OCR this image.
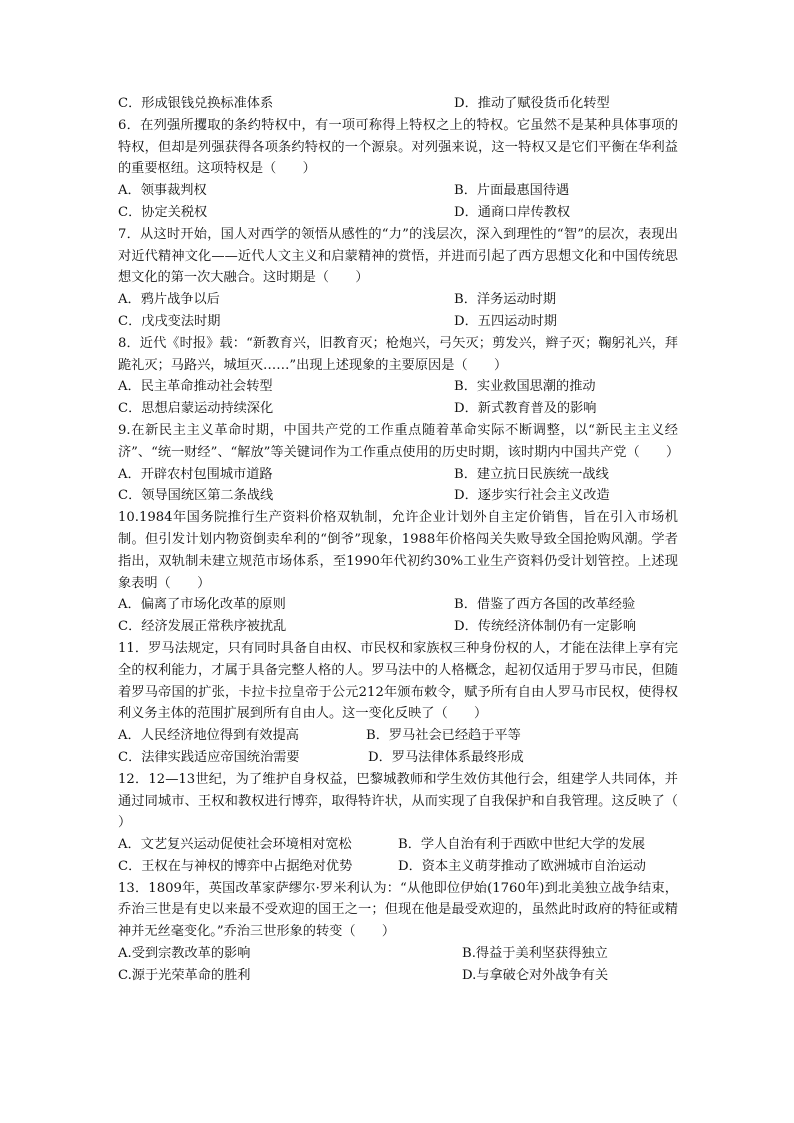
C．形成银钱兑换标准体系	D．推动了赋役货币化转型

6．在列强所攫取的条约特权中，有一项可称得上特权之上的特权。它虽然不是某种具体事项的特权，但却是列强获得各项条约特权的一个源泉。对列强来说，这一特权又是它们平衡在华利益的重要枢纽。这项特权是（　　）

A．领事裁判权	B．片面最惠国待遇
C．协定关税权	D．通商口岸传教权

7．从这时开始，国人对西学的领悟从感性的“力”的浅层次，深入到理性的“智”的层次，表现出对近代精神文化——近代人文主义和启蒙精神的赏悟，并进而引起了西方思想文化和中国传统思想文化的第一次大融合。这时期是（　　）

A．鸦片战争以后	B．洋务运动时期
C．戊戌变法时期	D．五四运动时期

8．近代《时报》载：“新教育兴，旧教育灭；枪炮兴，弓矢灭；剪发兴，辫子灭；鞠躬礼兴，拜跪礼灭；马路兴，城垣灭……”出现上述现象的主要原因是（　　）

A．民主革命推动社会转型	B．实业救国思潮的推动
C．思想启蒙运动持续深化	D．新式教育普及的影响

9.在新民主主义革命时期，中国共产党的工作重点随着革命实际不断调整，以“新民主主义经济”、“统一财经”、“解放”等关键词作为工作重点使用的历史时期，该时期内中国共产党（　　）

A．开辟农村包围城市道路	B．建立抗日民族统一战线
C．领导国统区第二条战线	D．逐步实行社会主义改造

10.1984年国务院推行生产资料价格双轨制，允许企业计划外自主定价销售，旨在引入市场机制。但引发计划内物资倒卖牟利的“倒爷”现象，1988年价格闯关失败导致全国抢购风潮。学者指出，双轨制未建立规范市场体系，至1990年代初约30%工业生产资料仍受计划管控。上述现象表明（　　）

A．偏离了市场化改革的原则	B．借鉴了西方各国的改革经验
C．经济发展正常秩序被扰乱	D．传统经济体制仍有一定影响

11．罗马法规定，只有同时具备自由权、市民权和家族权三种身份权的人，才能在法律上享有完全的权利能力，才属于具备完整人格的人。罗马法中的人格概念，起初仅适用于罗马市民，但随着罗马帝国的扩张，卡拉卡拉皇帝于公元212年颁布敕令，赋予所有自由人罗马市民权，使得权利义务主体的范围扩展到所有自由人。这一变化反映了（　　）

A．人民经济地位得到有效提高	B．罗马社会已经趋于平等
C．法律实践适应帝国统治需要	D．罗马法律体系最终形成

12．12—13世纪，为了维护自身权益，巴黎城教师和学生效仿其他行会，组建学人共同体，并通过同城市、王权和教权进行博弈，取得特许状，从而实现了自我保护和自我管理。这反映了（　　）

A．文艺复兴运动促使社会环境相对宽松	B．学人自治有利于西欧中世纪大学的发展
C．王权在与神权的博弈中占据绝对优势	D．资本主义萌芽推动了欧洲城市自治运动

13．1809年，英国改革家萨缪尔·罗米利认为：“从他即位伊始(1760年)到北美独立战争结束，乔治三世是有史以来最不受欢迎的国王之一；但现在他是最受欢迎的，虽然此时政府的特征或精神并无丝毫变化。”乔治三世形象的转变（　　）

A.受到宗教改革的影响	B.得益于美利坚获得独立
C.源于光荣革命的胜利	D.与拿破仑对外战争有关
